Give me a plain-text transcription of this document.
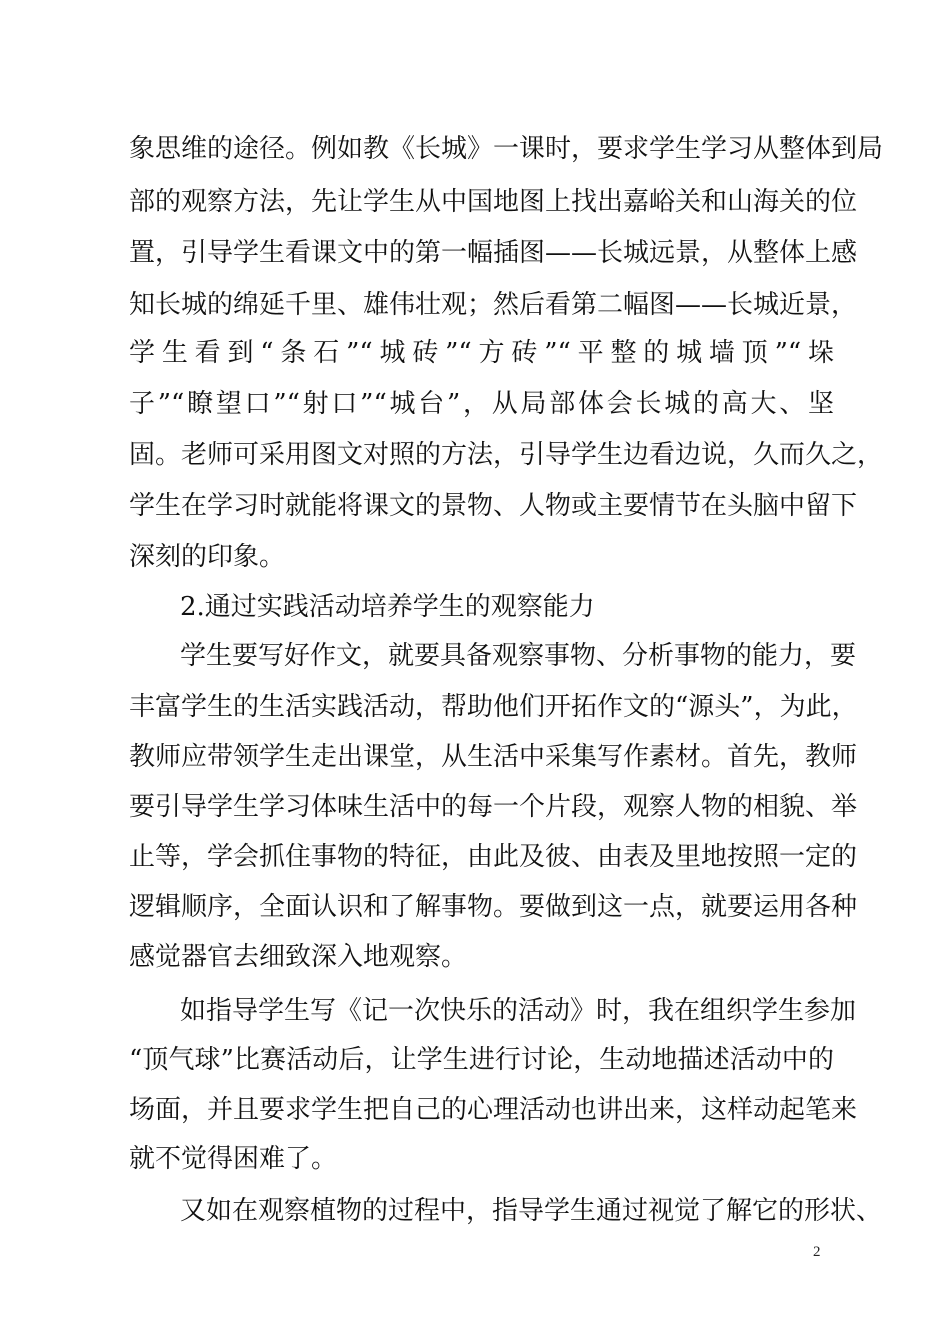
象思维的途径。例如教《长城》一课时，要求学生学习从整体到局
部的观察方法，先让学生从中国地图上找出嘉峪关和山海关的位
置，引导学生看课文中的第一幅插图——长城远景，从整体上感
知长城的绵延千里、雄伟壮观；然后看第二幅图——长城近景，
学生看到“条石”“城砖”“方砖”“平整的城墙顶”“垛
子”“瞭望口”“射口”“城台”，从局部体会长城的高大、坚
固。老师可采用图文对照的方法，引导学生边看边说，久而久之，
学生在学习时就能将课文的景物、人物或主要情节在头脑中留下
深刻的印象。
2.通过实践活动培养学生的观察能力
学生要写好作文，就要具备观察事物、分析事物的能力，要
丰富学生的生活实践活动，帮助他们开拓作文的“源头”，为此，
教师应带领学生走出课堂，从生活中采集写作素材。首先，教师
要引导学生学习体味生活中的每一个片段，观察人物的相貌、举
止等，学会抓住事物的特征，由此及彼、由表及里地按照一定的
逻辑顺序，全面认识和了解事物。要做到这一点，就要运用各种
感觉器官去细致深入地观察。
如指导学生写《记一次快乐的活动》时，我在组织学生参加
“顶气球”比赛活动后，让学生进行讨论，生动地描述活动中的
场面，并且要求学生把自己的心理活动也讲出来，这样动起笔来
就不觉得困难了。
又如在观察植物的过程中，指导学生通过视觉了解它的形状、
2
